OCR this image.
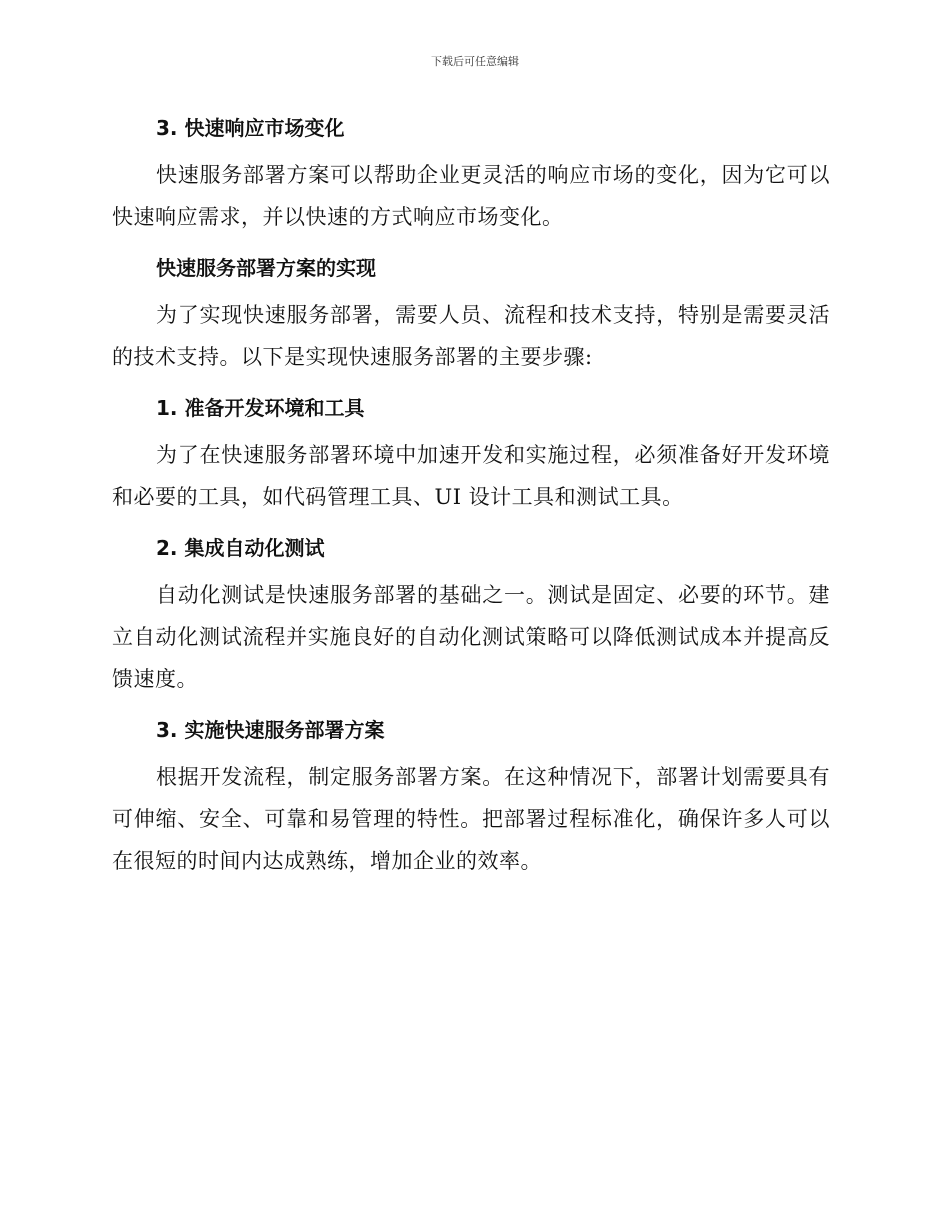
下载后可任意编辑
3. 快速响应市场变化

快速服务部署方案可以帮助企业更灵活的响应市场的变化，因为它可以快速响应需求，并以快速的方式响应市场变化。

快速服务部署方案的实现

为了实现快速服务部署，需要人员、流程和技术支持，特别是需要灵活的技术支持。以下是实现快速服务部署的主要步骤:

1. 准备开发环境和工具

为了在快速服务部署环境中加速开发和实施过程，必须准备好开发环境和必要的工具，如代码管理工具、UI 设计工具和测试工具。

2. 集成自动化测试

自动化测试是快速服务部署的基础之一。测试是固定、必要的环节。建立自动化测试流程并实施良好的自动化测试策略可以降低测试成本并提高反馈速度。

3. 实施快速服务部署方案

根据开发流程，制定服务部署方案。在这种情况下，部署计划需要具有可伸缩、安全、可靠和易管理的特性。把部署过程标准化，确保许多人可以在很短的时间内达成熟练，增加企业的效率。
